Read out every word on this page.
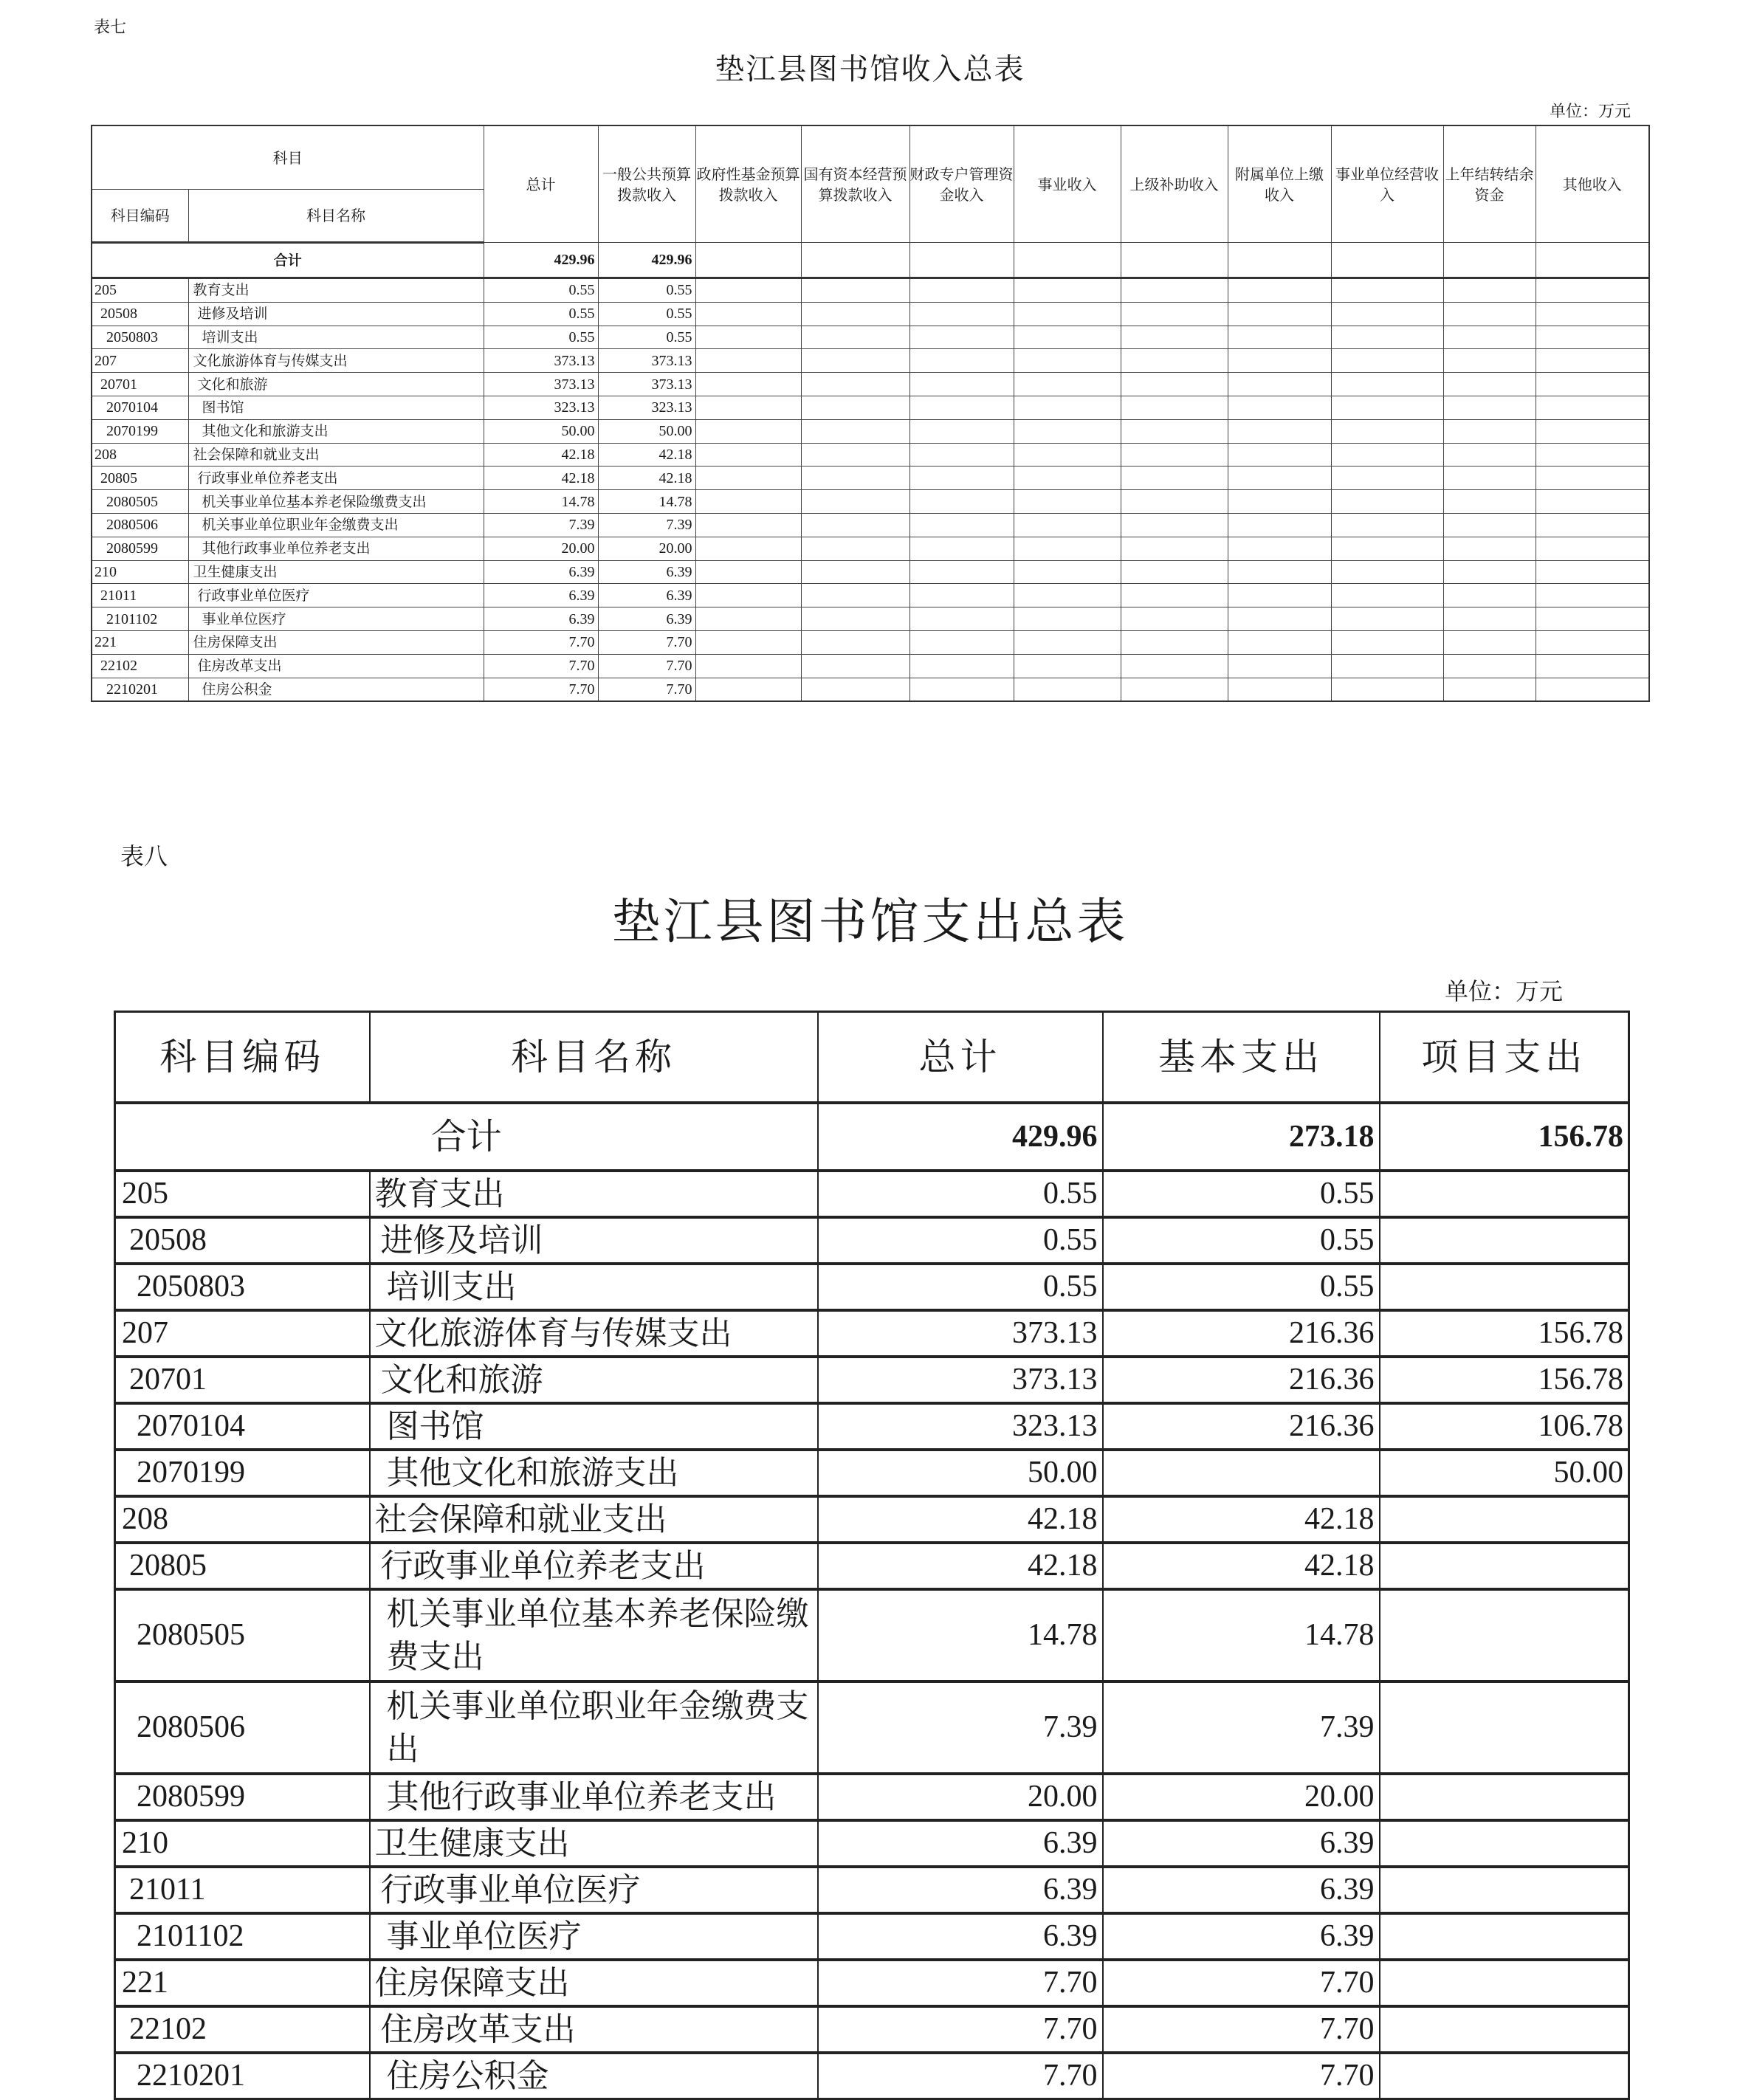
表七
垫江县图书馆收入总表
单位：万元
科目		总计	一般公共预算拨款收入	政府性基金预算拨款收入	国有资本经营预算拨款收入	财政专户管理资金收入	事业收入	上级补助收入	附属单位上缴收入	事业单位经营收入	上年结转结余资金	其他收入
科目编码	科目名称											
合计		429.96	429.96									
205	教育支出	0.55	0.55									
20508	进修及培训	0.55	0.55									
2050803	培训支出	0.55	0.55									
207	文化旅游体育与传媒支出	373.13	373.13									
20701	文化和旅游	373.13	373.13									
2070104	图书馆	323.13	323.13									
2070199	其他文化和旅游支出	50.00	50.00									
208	社会保障和就业支出	42.18	42.18									
20805	行政事业单位养老支出	42.18	42.18									
2080505	机关事业单位基本养老保险缴费支出	14.78	14.78									
2080506	机关事业单位职业年金缴费支出	7.39	7.39									
2080599	其他行政事业单位养老支出	20.00	20.00									
210	卫生健康支出	6.39	6.39									
21011	行政事业单位医疗	6.39	6.39									
2101102	事业单位医疗	6.39	6.39									
221	住房保障支出	7.70	7.70									
22102	住房改革支出	7.70	7.70									
2210201	住房公积金	7.70	7.70									
表八
垫江县图书馆支出总表
单位：万元
科目编码	科目名称	总计	基本支出	项目支出
合计		429.96	273.18	156.78
205	教育支出	0.55	0.55	
20508	进修及培训	0.55	0.55	
2050803	培训支出	0.55	0.55	
207	文化旅游体育与传媒支出	373.13	216.36	156.78
20701	文化和旅游	373.13	216.36	156.78
2070104	图书馆	323.13	216.36	106.78
2070199	其他文化和旅游支出	50.00		50.00
208	社会保障和就业支出	42.18	42.18	
20805	行政事业单位养老支出	42.18	42.18	
2080505	机关事业单位基本养老保险缴费支出	14.78	14.78	
2080506	机关事业单位职业年金缴费支出	7.39	7.39	
2080599	其他行政事业单位养老支出	20.00	20.00	
210	卫生健康支出	6.39	6.39	
21011	行政事业单位医疗	6.39	6.39	
2101102	事业单位医疗	6.39	6.39	
221	住房保障支出	7.70	7.70	
22102	住房改革支出	7.70	7.70	
2210201	住房公积金	7.70	7.70	
